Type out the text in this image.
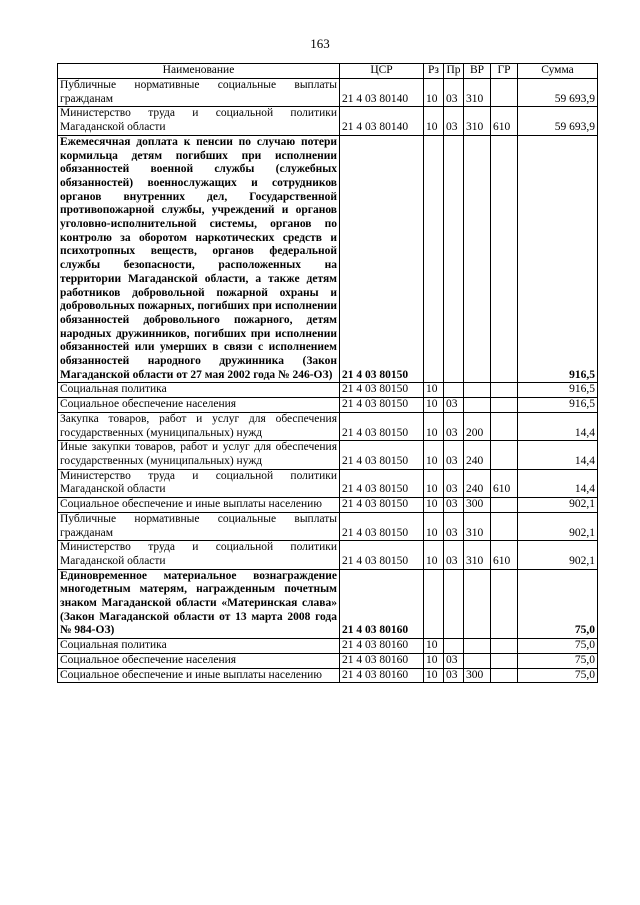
163
Наименование	ЦСР	Рз	Пр	ВР	ГР	Сумма
Публичные нормативные социальные выплаты гражданам	21 4 03 80140	10	03	310		59 693,9
Министерство труда и социальной политики Магаданской области	21 4 03 80140	10	03	310	610	59 693,9
Ежемесячная доплата к пенсии по случаю потери кормильца детям погибших при исполнении обязанностей военной службы (служебных обязанностей) военнослужащих и сотрудников органов внутренних дел, Государственной противопожарной службы, учреждений и органов уголовно-исполнительной системы, органов по контролю за оборотом наркотических средств и психотропных веществ, органов федеральной службы безопасности, расположенных на территории Магаданской области, а также детям работников добровольной пожарной охраны и добровольных пожарных, погибших при исполнении обязанностей добровольного пожарного, детям народных дружинников, погибших при исполнении обязанностей или умерших в связи с исполнением обязанностей народного дружинника (Закон Магаданской области от 27 мая 2002 года № 246-ОЗ)	21 4 03 80150					916,5
Социальная политика	21 4 03 80150	10				916,5
Социальное обеспечение населения	21 4 03 80150	10	03			916,5
Закупка товаров, работ и услуг для обеспечения государственных (муниципальных) нужд	21 4 03 80150	10	03	200		14,4
Иные закупки товаров, работ и услуг для обеспечения государственных (муниципальных) нужд	21 4 03 80150	10	03	240		14,4
Министерство труда и социальной политики Магаданской области	21 4 03 80150	10	03	240	610	14,4
Социальное обеспечение и иные выплаты населению	21 4 03 80150	10	03	300		902,1
Публичные нормативные социальные выплаты гражданам	21 4 03 80150	10	03	310		902,1
Министерство труда и социальной политики Магаданской области	21 4 03 80150	10	03	310	610	902,1
Единовременное материальное вознаграждение многодетным матерям, награжденным почетным знаком Магаданской области «Материнская слава» (Закон Магаданской области от 13 марта 2008 года № 984-ОЗ)	21 4 03 80160					75,0
Социальная политика	21 4 03 80160	10				75,0
Социальное обеспечение населения	21 4 03 80160	10	03			75,0
Социальное обеспечение и иные выплаты населению	21 4 03 80160	10	03	300		75,0
